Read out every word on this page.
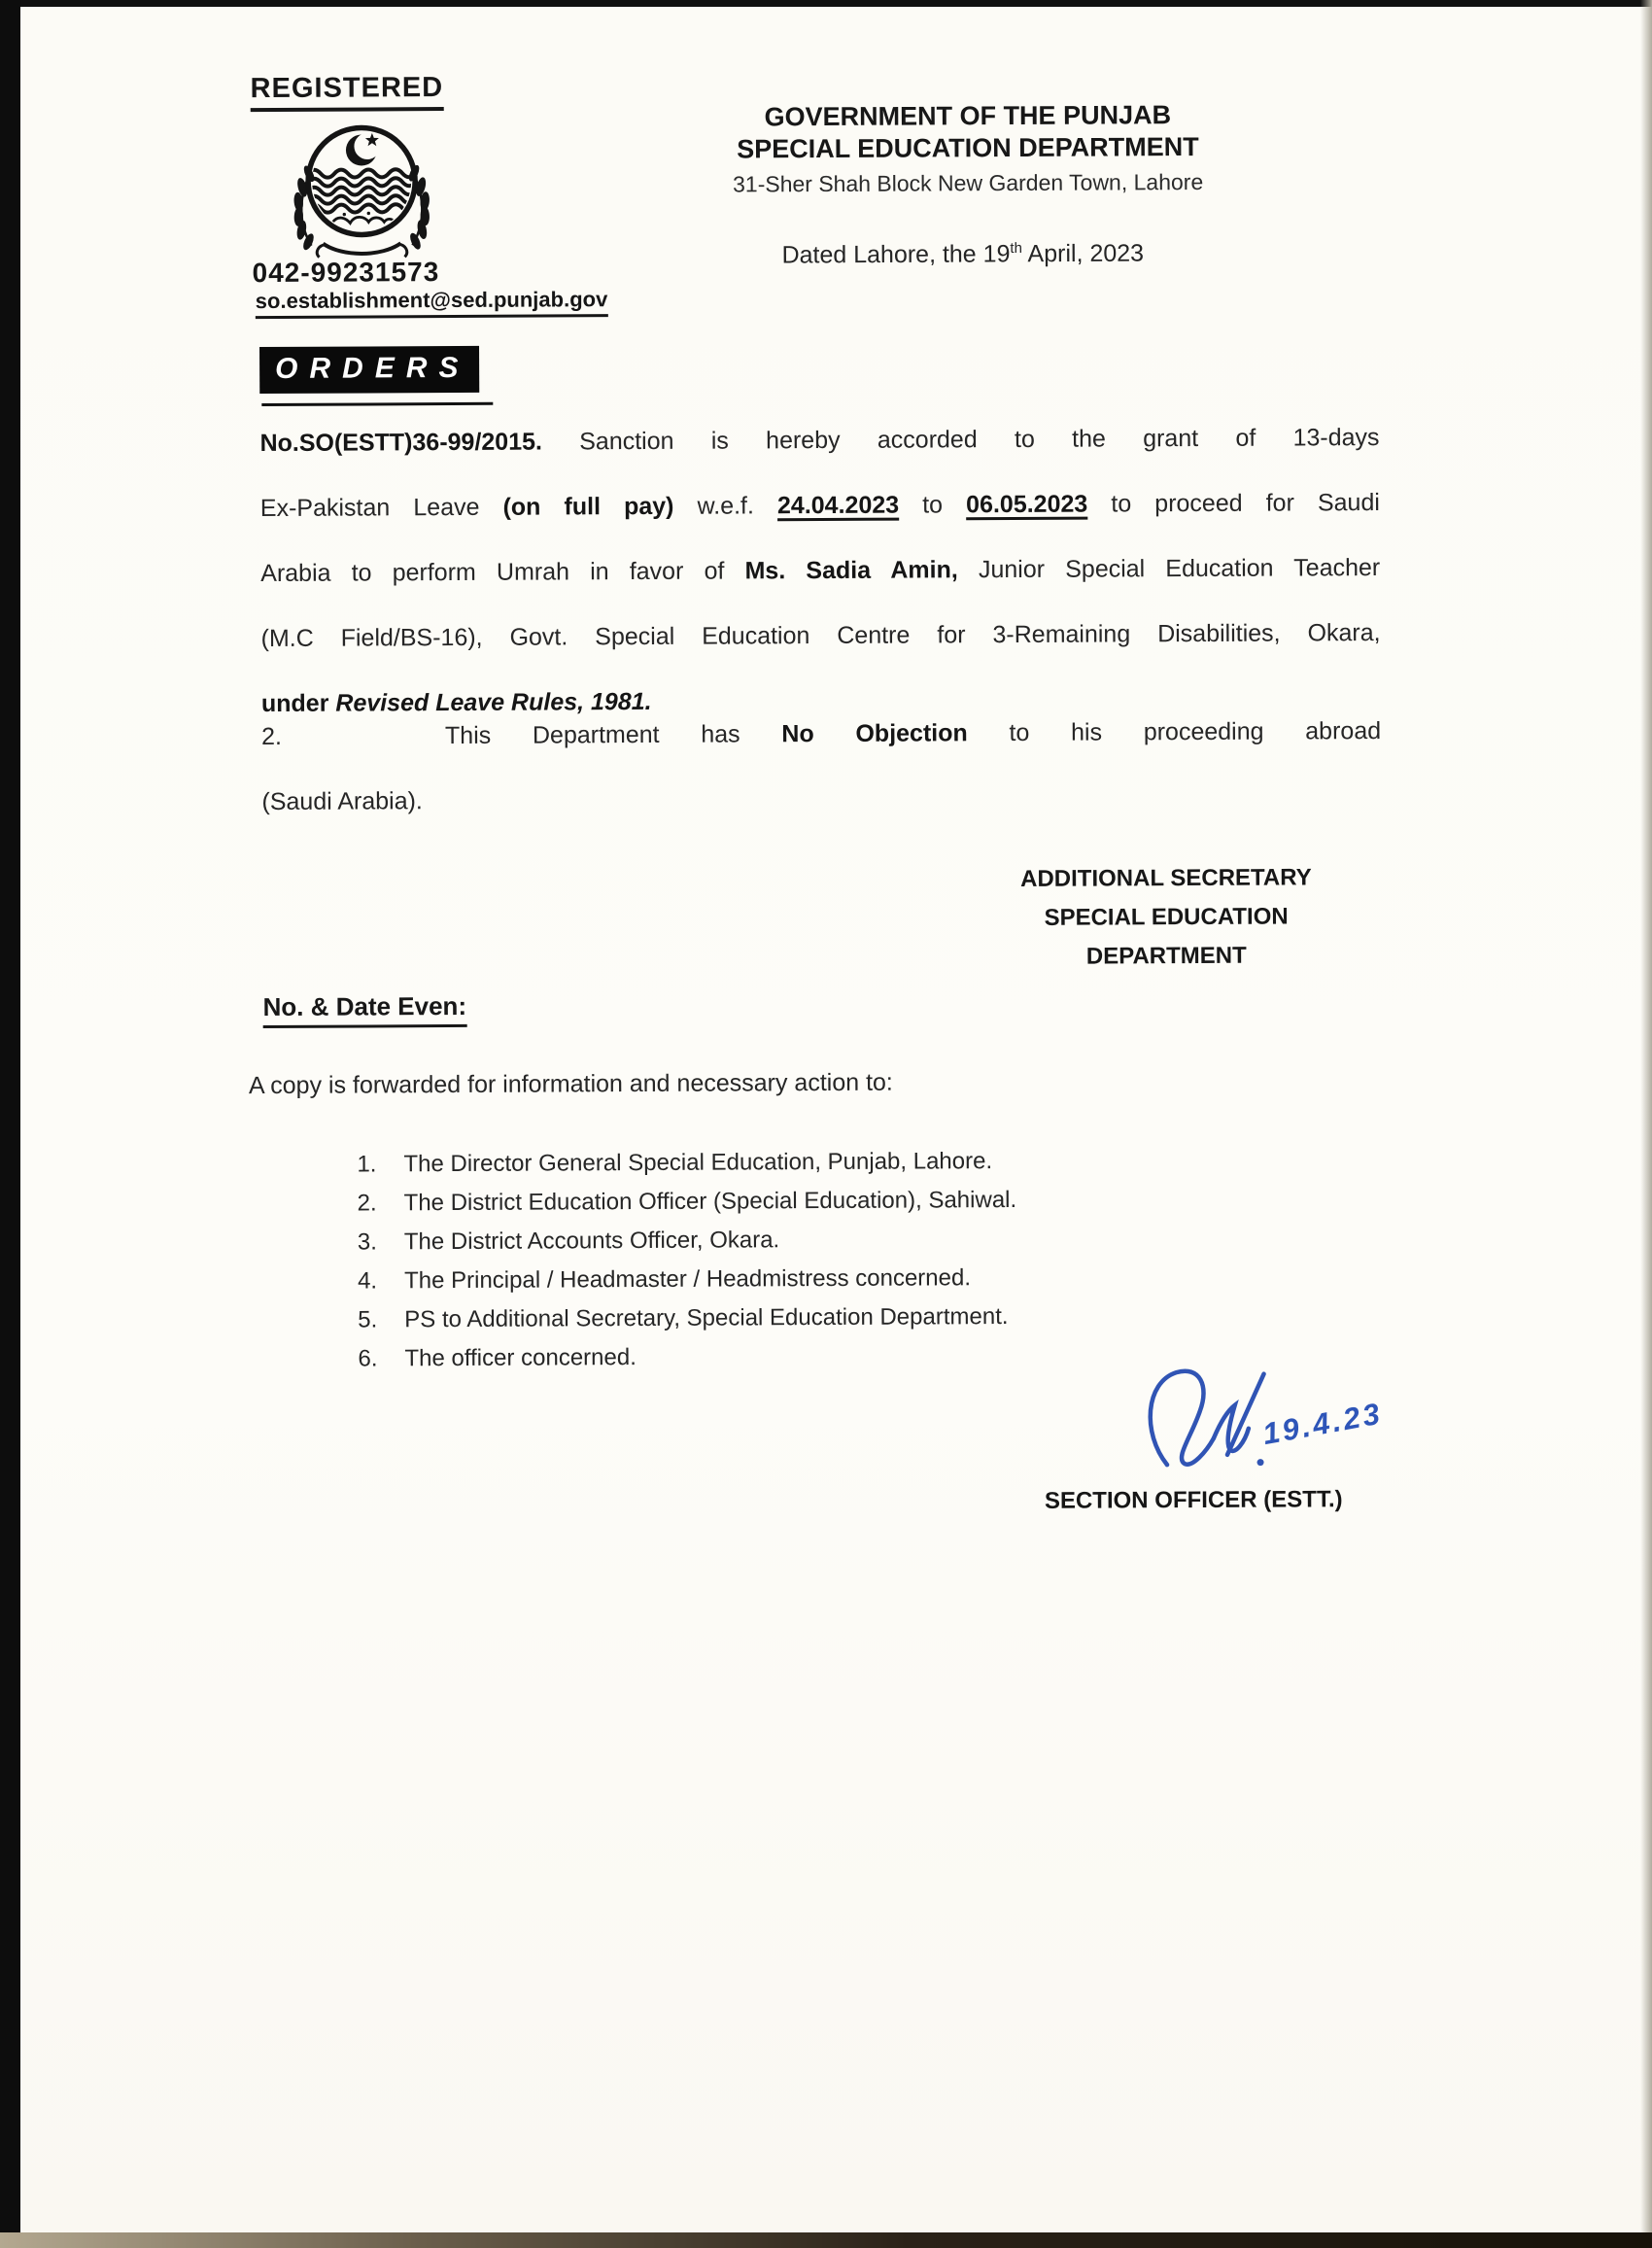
REGISTERED
042-99231573
so.establishment@sed.punjab.gov
GOVERNMENT OF THE PUNJAB
SPECIAL EDUCATION DEPARTMENT
31-Sher Shah Block New Garden Town, Lahore
Dated Lahore, the 19th April, 2023
ORDERS
No.SO(ESTT)36-99/2015. Sanction is hereby accorded to the grant of 13-days
Ex-Pakistan Leave (on full pay) w.e.f. 24.04.2023 to 06.05.2023 to proceed for Saudi
Arabia to perform Umrah in favor of Ms. Sadia Amin, Junior Special Education Teacher
(M.C Field/BS-16), Govt. Special Education Centre for 3-Remaining Disabilities, Okara,
under Revised Leave Rules, 1981.
2.	This Department has No Objection to his proceeding abroad
(Saudi Arabia).
ADDITIONAL SECRETARY
SPECIAL EDUCATION
DEPARTMENT
No. & Date Even:
A copy is forwarded for information and necessary action to:
1.	The Director General Special Education, Punjab, Lahore.
2.	The District Education Officer (Special Education), Sahiwal.
3.	The District Accounts Officer, Okara.
4.	The Principal / Headmaster / Headmistress concerned.
5.	PS to Additional Secretary, Special Education Department.
6.	The officer concerned.
19.4.23
SECTION OFFICER (ESTT.)
